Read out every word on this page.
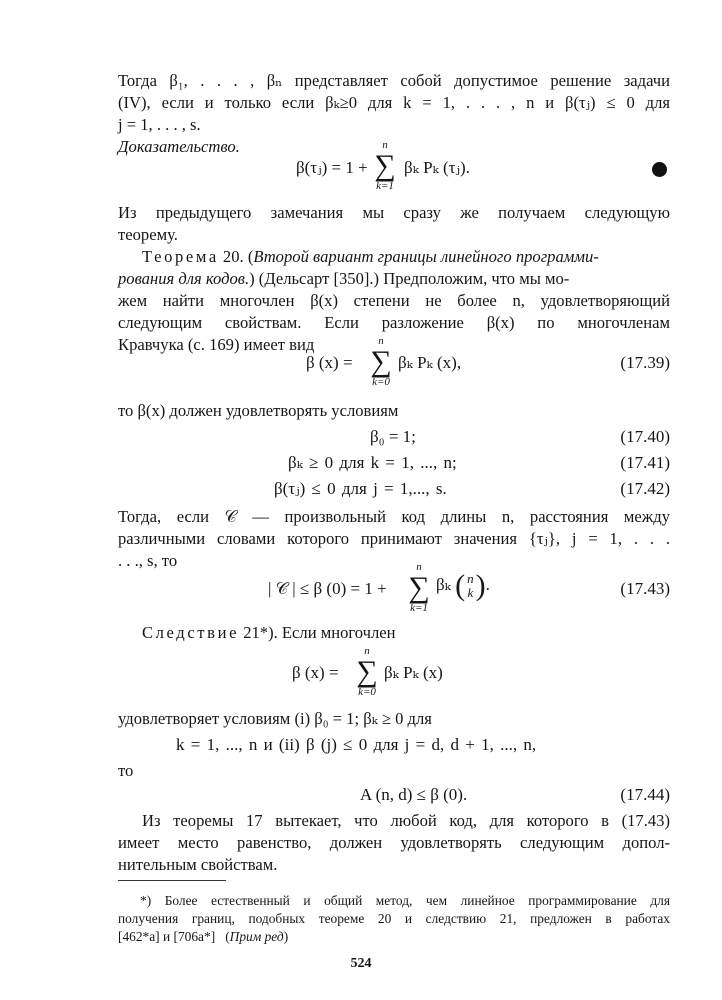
Тогда β₁, . . . , βₙ представляет собой допустимое решение задачи
(IV), если и только если βₖ≥0 для k = 1, . . . , n и β(τⱼ) ≤ 0 для
j = 1, . . . , s.
Доказательство.
β(τⱼ) = 1 +
n
∑
k=1
βₖ Pₖ (τⱼ).
Из предыдущего замечания мы сразу же получаем следующую
теорему.
Теорема 20. (Второй вариант границы линейного программи-
рования для кодов.) (Дельсарт [350].) Предположим, что мы мо-
жем найти многочлен β(x) степени не более n, удовлетворяющий
следующим свойствам. Если разложение β(x) по многочленам
Кравчука (с. 169) имеет вид
β (x) =
n
∑
k=0
βₖ Pₖ (x),	(17.39)
то β(x) должен удовлетворять условиям
β₀ = 1;	(17.40)
βₖ ≥ 0 для k = 1, ..., n;	(17.41)
β(τⱼ) ≤ 0 для j = 1,..., s.	(17.42)
Тогда, если 𝒞 — произвольный код длины n, расстояния между
различными словами которого принимают значения {τⱼ}, j = 1, . . .
. . ., s, то
| 𝒞 | ≤ β (0) = 1 +
n
∑
k=1
βₖ ( n
k).	(17.43)
Следствие 21*). Если многочлен
β (x) =
n
∑
k=0
βₖ Pₖ (x)
удовлетворяет условиям (i) β₀ = 1; βₖ ≥ 0 для
k = 1, ..., n и (ii) β (j) ≤ 0 для j = d, d + 1, ..., n,
то
A (n, d) ≤ β (0).	(17.44)
Из теоремы 17 вытекает, что любой код, для которого в (17.43)
имеет место равенство, должен удовлетворять следующим допол-
нительным свойствам.
*) Более естественный и общий метод, чем линейное программирование для
получения границ, подобных теореме 20 и следствию 21, предложен в работах
[462*a] и [706a*]   (Прим ред)
524
